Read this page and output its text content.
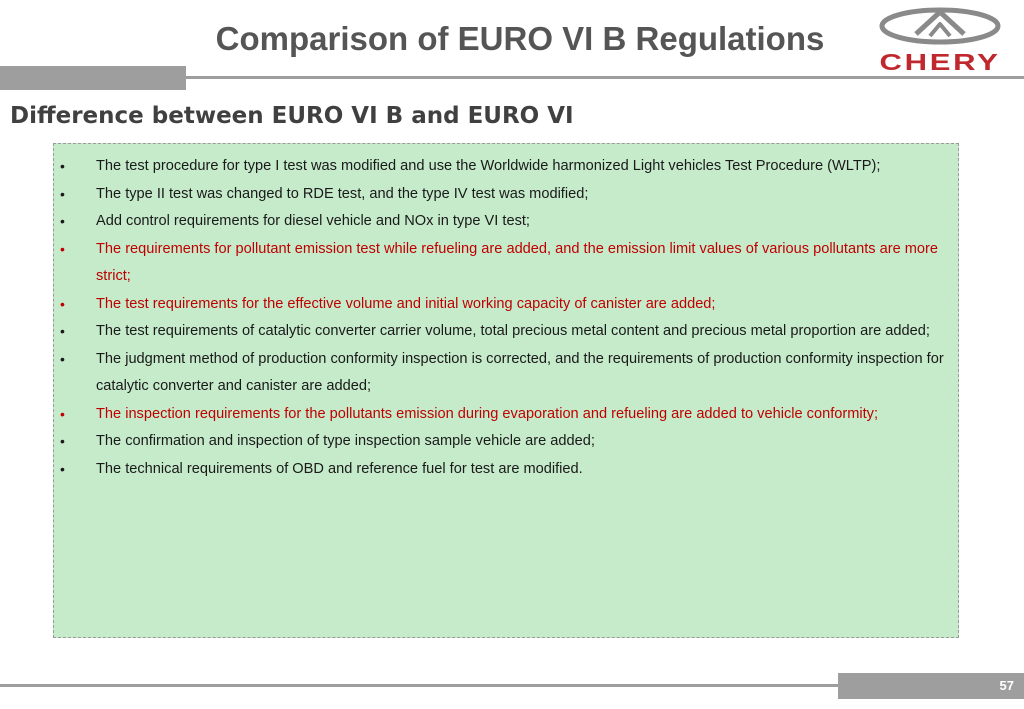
Comparison of EURO VI B Regulations
CHERY
Difference between EURO VI B and EURO VI
• The test procedure for type I test was modified and use the Worldwide harmonized Light vehicles Test Procedure (WLTP);
• The type II test was changed to RDE test, and the type IV test was modified;
• Add control requirements for diesel vehicle and NOx in type VI test;
• The requirements for pollutant emission test while refueling are added, and the emission limit values of various pollutants are more strict;
• The test requirements for the effective volume and initial working capacity of canister are added;
• The test requirements of catalytic converter carrier volume, total precious metal content and precious metal proportion are added;
• The judgment method of production conformity inspection is corrected, and the requirements of production conformity inspection for catalytic converter and canister are added;
• The inspection requirements for the pollutants emission during evaporation and refueling are added to vehicle conformity;
• The confirmation and inspection of type inspection sample vehicle are added;
• The technical requirements of OBD and reference fuel for test are modified.
57
